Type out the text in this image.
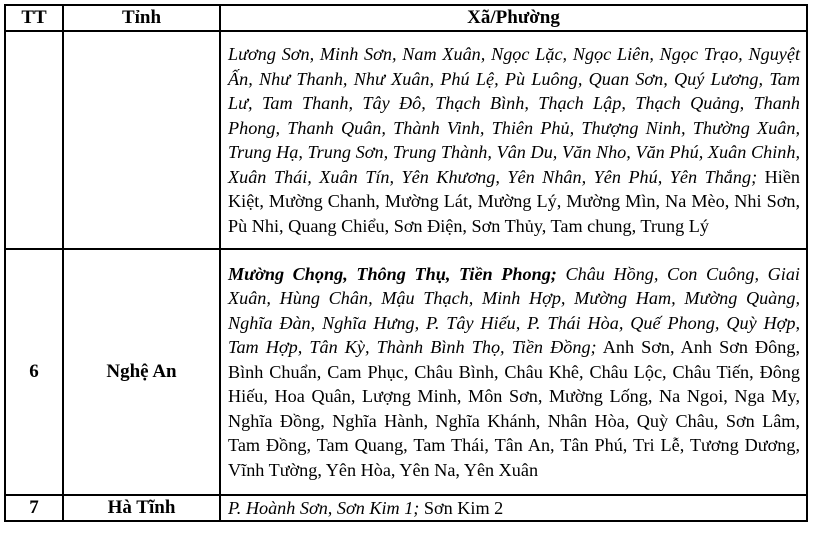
TT	Tỉnh	Xã/Phường
		Lương Sơn, Minh Sơn, Nam Xuân, Ngọc Lặc, Ngọc Liên, Ngọc Trạo, Nguyệt Ấn, Như Thanh, Như Xuân, Phú Lệ, Pù Luông, Quan Sơn, Quý Lương, Tam Lư, Tam Thanh, Tây Đô, Thạch Bình, Thạch Lập, Thạch Quảng, Thanh Phong, Thanh Quân, Thành Vinh, Thiên Phủ, Thượng Ninh, Thường Xuân, Trung Hạ, Trung Sơn, Trung Thành, Vân Du, Văn Nho, Văn Phú, Xuân Chinh, Xuân Thái, Xuân Tín, Yên Khương, Yên Nhân, Yên Phú, Yên Thắng; Hiền Kiệt, Mường Chanh, Mường Lát, Mường Lý, Mường Mìn, Na Mèo, Nhi Sơn, Pù Nhi, Quang Chiểu, Sơn Điện, Sơn Thủy, Tam chung, Trung Lý
6	Nghệ An	Mường Chọng, Thông Thụ, Tiền Phong; Châu Hồng, Con Cuông, Giai Xuân, Hùng Chân, Mậu Thạch, Minh Hợp, Mường Ham, Mường Quàng, Nghĩa Đàn, Nghĩa Hưng, P. Tây Hiếu, P. Thái Hòa, Quế Phong, Quỳ Hợp, Tam Hợp, Tân Kỳ, Thành Bình Thọ, Tiền Đồng; Anh Sơn, Anh Sơn Đông, Bình Chuẩn, Cam Phục, Châu Bình, Châu Khê, Châu Lộc, Châu Tiến, Đông Hiếu, Hoa Quân, Lượng Minh, Môn Sơn, Mường Lống, Na Ngoi, Nga My, Nghĩa Đồng, Nghĩa Hành, Nghĩa Khánh, Nhân Hòa, Quỳ Châu, Sơn Lâm, Tam Đồng, Tam Quang, Tam Thái, Tân An, Tân Phú, Tri Lễ, Tương Dương, Vĩnh Tường, Yên Hòa, Yên Na, Yên Xuân
7	Hà Tĩnh	P. Hoành Sơn, Sơn Kim 1; Sơn Kim 2
